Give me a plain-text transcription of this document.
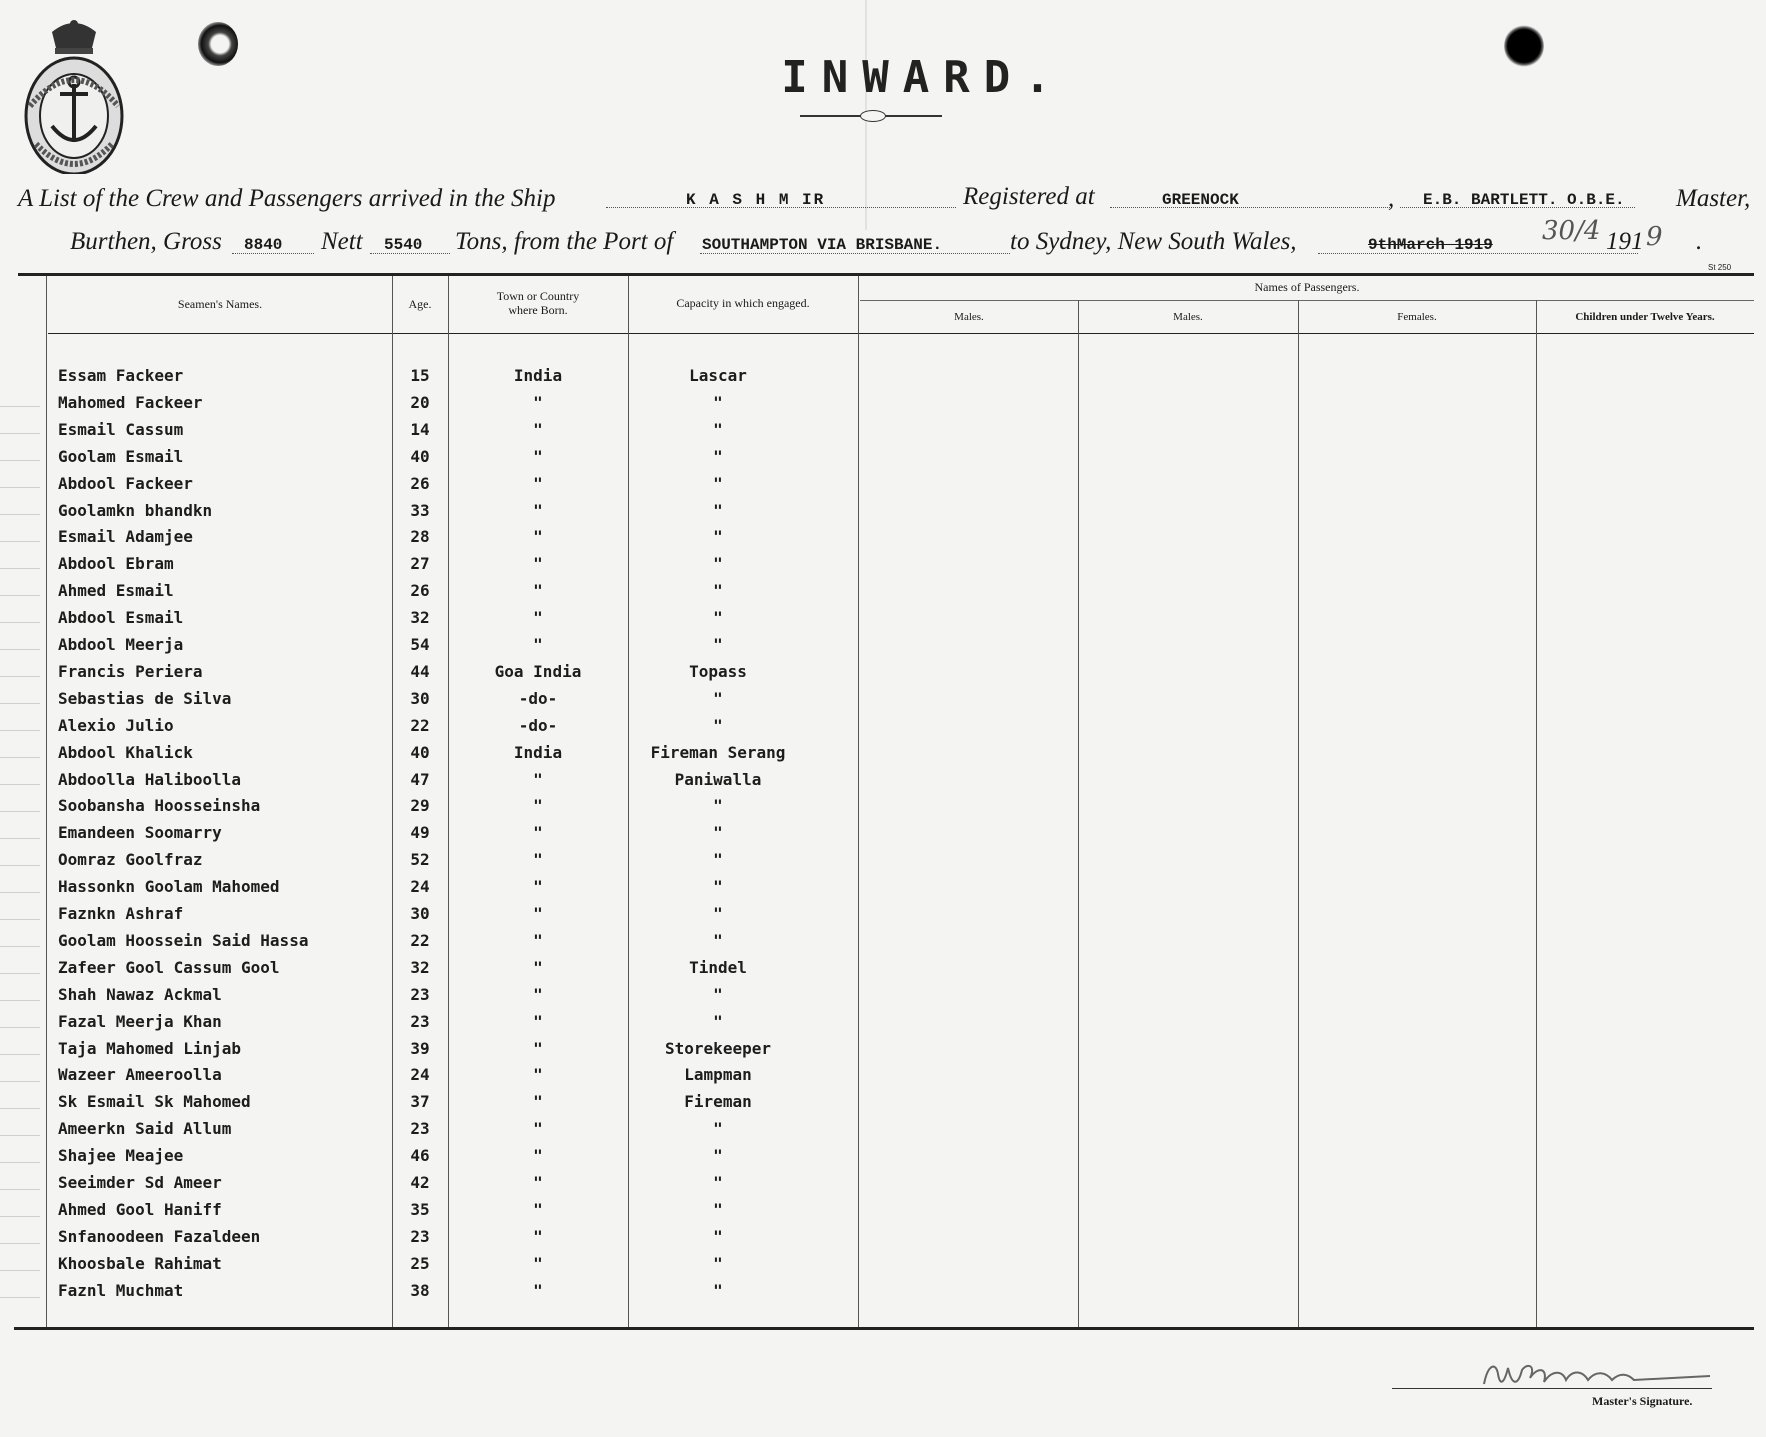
INWARD.
A List of the Crew and Passengers arrived in the Ship	K A S H M IR	Registered at	GREENOCK	, E.B. BARTLETT. O.B.E. Master,
Burthen, Gross 8840 Nett 5540 Tons, from the Port of SOUTHAMPTON VIA BRISBANE.	to Sydney, New South Wales,	9thMarch 1919 30/4 191 9 .
St 250
Seamen's Names.	Age.
Town or Country
where Born.	Capacity in which engaged.
Names of Passengers.
Males.	Males.	Females.	Children under Twelve Years.
Essam Fackeer	15	India	Lascar
Mahomed Fackeer	20	"	"
Esmail Cassum	14	"	"
Goolam Esmail	40	"	"
Abdool Fackeer	26	"	"
Goolamkn bhandkn	33	"	"
Esmail Adamjee	28	"	"
Abdool Ebram	27	"	"
Ahmed Esmail	26	"	"
Abdool Esmail	32	"	"
Abdool Meerja	54	"	"
Francis Periera	44	Goa India	Topass
Sebastias de Silva	30	-do-	"
Alexio Julio	22	-do-	"
Abdool Khalick	40	India	Fireman Serang
Abdoolla Haliboolla	47	"	Paniwalla
Soobansha Hoosseinsha	29	"	"
Emandeen Soomarry	49	"	"
Oomraz Goolfraz	52	"	"
Hassonkn Goolam Mahomed	24	"	"
Faznkn Ashraf	30	"	"
Goolam Hoossein Said Hassa	22	"	"
Zafeer Gool Cassum Gool	32	"	Tindel
Shah Nawaz Ackmal	23	"	"
Fazal Meerja Khan	23	"	"
Taja Mahomed Linjab	39	"	Storekeeper
Wazeer Ameeroolla	24	"	Lampman
Sk Esmail Sk Mahomed	37	"	Fireman
Ameerkn Said Allum	23	"	"
Shajee Meajee	46	"	"
Seeimder Sd Ameer	42	"	"
Ahmed Gool Haniff	35	"	"
Snfanoodeen Fazaldeen	23	"	"
Khoosbale Rahimat	25	"	"
Faznl Muchmat	38	"	"
E.B.Bartlett
Master's Signature.
